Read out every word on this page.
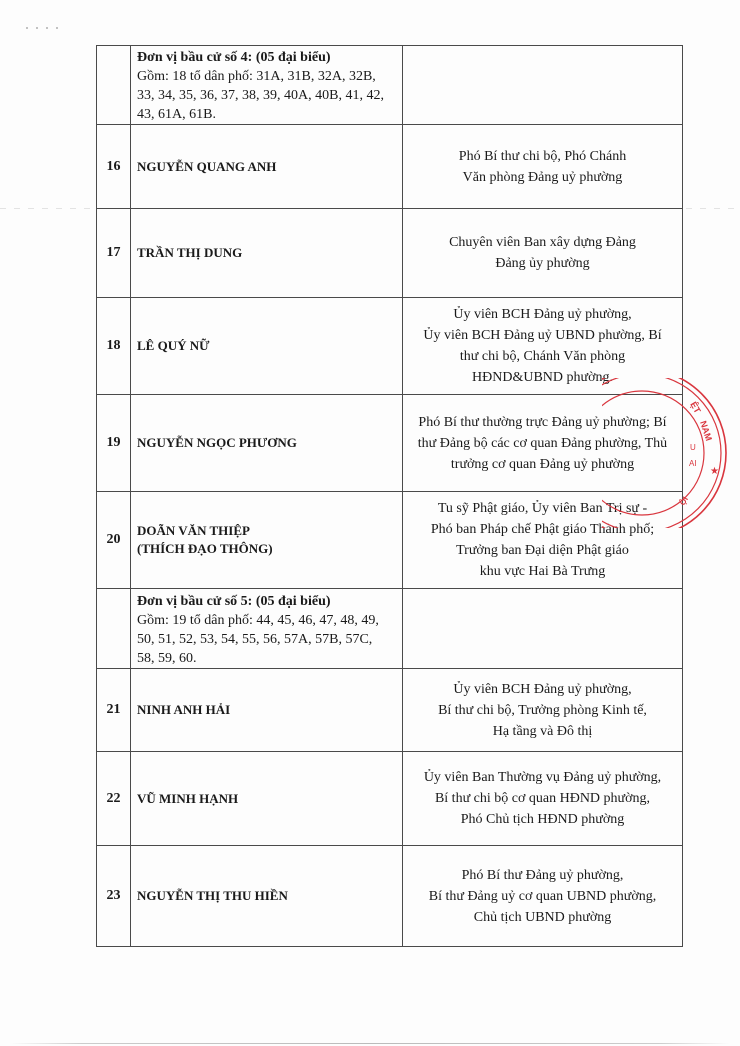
	Đơn vị bầu cử số 4: (05 đại biểu)
Gồm: 18 tổ dân phố: 31A, 31B, 32A, 32B,
33, 34, 35, 36, 37, 38, 39, 40A, 40B, 41, 42,
43, 61A, 61B.	

16	NGUYỄN QUANG ANH	Phó Bí thư chi bộ, Phó Chánh
Văn phòng Đảng uỷ phường

17	TRẦN THỊ DUNG	Chuyên viên Ban xây dựng Đảng
Đảng ủy phường

18	LÊ QUÝ NỮ	Ủy viên BCH Đảng uỷ phường,
Ủy viên BCH Đảng uỷ UBND phường, Bí
thư chi bộ, Chánh Văn phòng
HĐND&UBND phường.

19	NGUYỄN NGỌC PHƯƠNG	Phó Bí thư thường trực Đảng uỷ phường; Bí
thư Đảng bộ các cơ quan Đảng phường, Thủ
trưởng cơ quan Đảng uỷ phường

20	DOÃN VĂN THIỆP
(THÍCH ĐẠO THÔNG)	Tu sỹ Phật giáo, Ủy viên Ban Trị sự -
Phó ban Pháp chế Phật giáo Thành phố;
Trưởng ban Đại diện Phật giáo
khu vực Hai Bà Trưng

	Đơn vị bầu cử số 5: (05 đại biểu)
Gồm: 19 tổ dân phố: 44, 45, 46, 47, 48, 49,
50, 51, 52, 53, 54, 55, 56, 57A, 57B, 57C,
58, 59, 60.	

21	NINH ANH HẢI	Ủy viên BCH Đảng uỷ phường,
Bí thư chi bộ, Trưởng phòng Kinh tế,
Hạ tầng và Đô thị

22	VŨ MINH HẠNH	Ủy viên Ban Thường vụ Đảng uỷ phường,
Bí thư chi bộ cơ quan HĐND phường,
Phó Chủ tịch HĐND phường

23	NGUYỄN THỊ THU HIỀN	Phó Bí thư Đảng uỷ phường,
Bí thư Đảng uỷ cơ quan UBND phường,
Chủ tịch UBND phường
ỆT
NAM
★
U
AI
ỘI
